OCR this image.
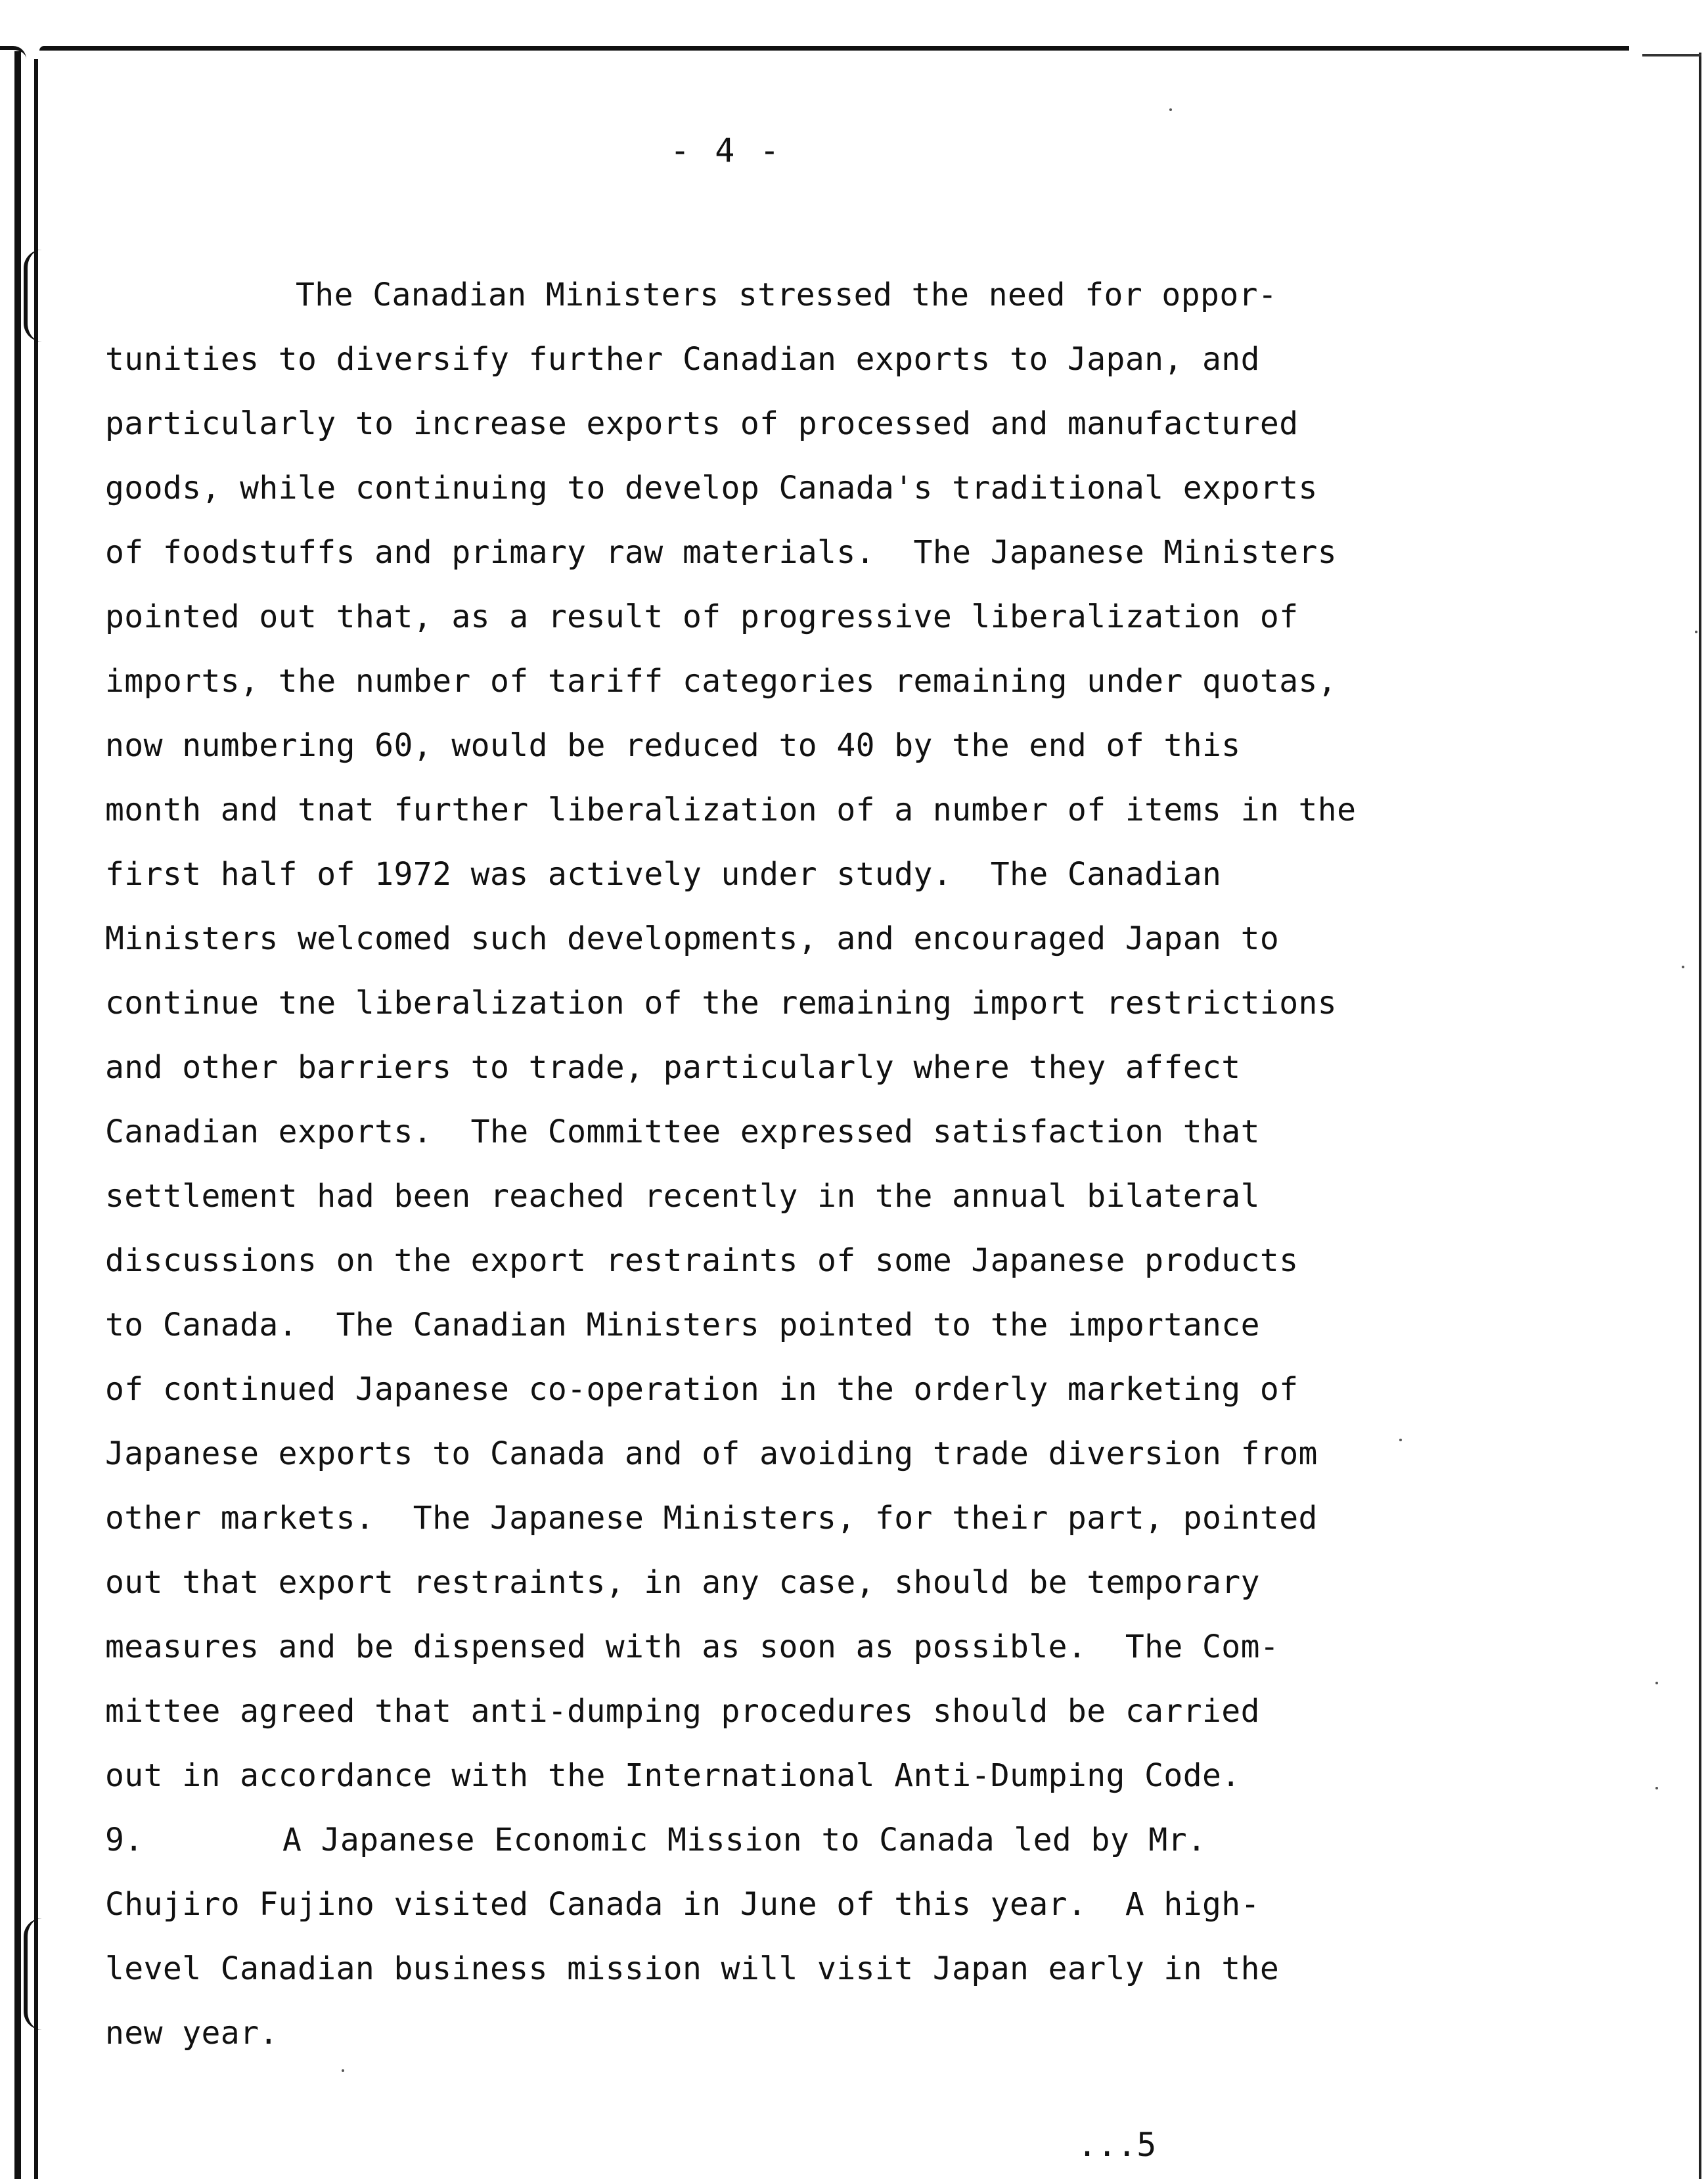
- 4 -
The Canadian Ministers stressed the need for oppor-
tunities to diversify further Canadian exports to Japan, and
particularly to increase exports of processed and manufactured
goods, while continuing to develop Canada's traditional exports
of foodstuffs and primary raw materials.  The Japanese Ministers
pointed out that, as a result of progressive liberalization of
imports, the number of tariff categories remaining under quotas,
now numbering 60, would be reduced to 40 by the end of this
month and tnat further liberalization of a number of items in the
first half of 1972 was actively under study.  The Canadian
Ministers welcomed such developments, and encouraged Japan to
continue tne liberalization of the remaining import restrictions
and other barriers to trade, particularly where they affect
Canadian exports.  The Committee expressed satisfaction that
settlement had been reached recently in the annual bilateral
discussions on the export restraints of some Japanese products
to Canada.  The Canadian Ministers pointed to the importance
of continued Japanese co-operation in the orderly marketing of
Japanese exports to Canada and of avoiding trade diversion from
other markets.  The Japanese Ministers, for their part, pointed
out that export restraints, in any case, should be temporary
measures and be dispensed with as soon as possible.  The Com-
mittee agreed that anti-dumping procedures should be carried
out in accordance with the International Anti-Dumping Code.
9.	A Japanese Economic Mission to Canada led by Mr.
Chujiro Fujino visited Canada in June of this year.  A high-
level Canadian business mission will visit Japan early in the
new year.
...5
